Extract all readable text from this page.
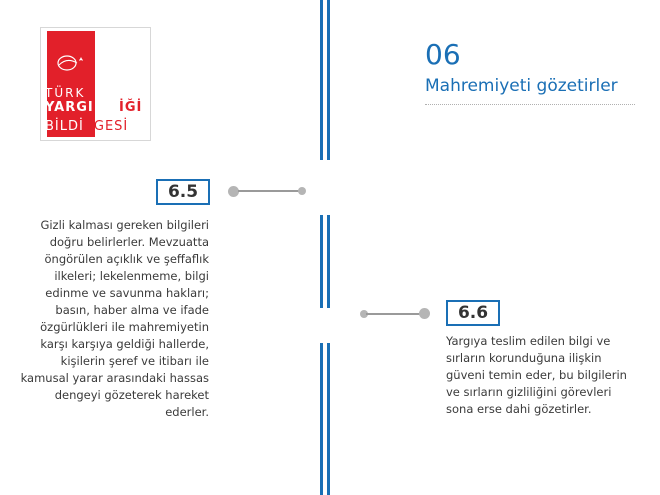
TÜRK
YARGI ETİĞİ
BİLDİRGESİ
06
Mahremiyeti gözetirler
6.5
Gizli kalması gereken bilgileri doğru belirlerler. Mevzuatta öngörülen açıklık ve şeffaflık ilkeleri; lekelenmeme, bilgi edinme ve savunma hakları; basın, haber alma ve ifade özgürlükleri ile mahremiyetin karşı karşıya geldiği hallerde, kişilerin şeref ve itibarı ile kamusal yarar arasındaki hassas dengeyi gözeterek hareket ederler.
6.6
Yargıya teslim edilen bilgi ve sırların korunduğuna ilişkin güveni temin eder, bu bilgilerin ve sırların gizliliğini görevleri sona erse dahi gözetirler.
